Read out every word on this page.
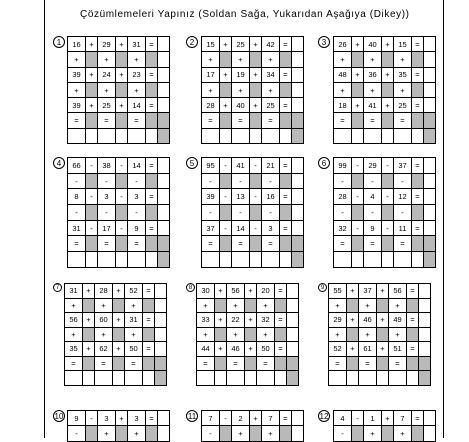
Çözümlemeleri Yapınız (Soldan Sağa, Yukarıdan Aşağıya (Dikey))
1	16	+	29	+	31	=	
+		+		+		
39	+	24	+	23	=	
+		+		+		
39	+	25	+	14	=	
=		=		=		

2	15	+	25	+	42	=	
+		+		+		
17	+	19	+	34	=	
+		+		+		
28	+	40	+	25	=	
=		=		=		

3	26	+	40	+	15	=	
+		+		+		
48	+	36	+	35	=	
+		+		+		
18	+	41	+	25	=	
=		=		=		

4	66	-	38	-	14	=	
-		-		-		
8	-	3	-	3	=	
-		-		-		
31	-	17	-	9	=	
=		=		=		

5	95	-	41	-	21	=	
-		-		-		
39	-	13	-	16	=	
-		-		-		
37	-	14	-	3	=	
=		=		=		

6	99	-	29	-	37	=	
-		-		-		
28	-	4	-	12	=	
-		-		-		
32	-	9	-	11	=	
=		=		=		

7	31	+	28	+	52	=	
+		+		+		
56	+	60	+	31	=	
+		+		+		
35	+	62	+	50	=	
=		=		=		

8	30	+	56	+	20	=	
+		+		+		
33	+	22	+	32	=	
+		+		+		
44	+	46	+	50	=	
=		=		=		

9	55	+	37	+	56	=	
+		+		+		
29	+	46	+	49	=	
+		+		+		
52	+	61	+	51	=	
=		=		=		

10 9	-	3	+	3	=	
-		+		+		
11 7	-	2	+	7	=	
-		+		+		
12 4	-	1	+	7	=	
-		+		+		
